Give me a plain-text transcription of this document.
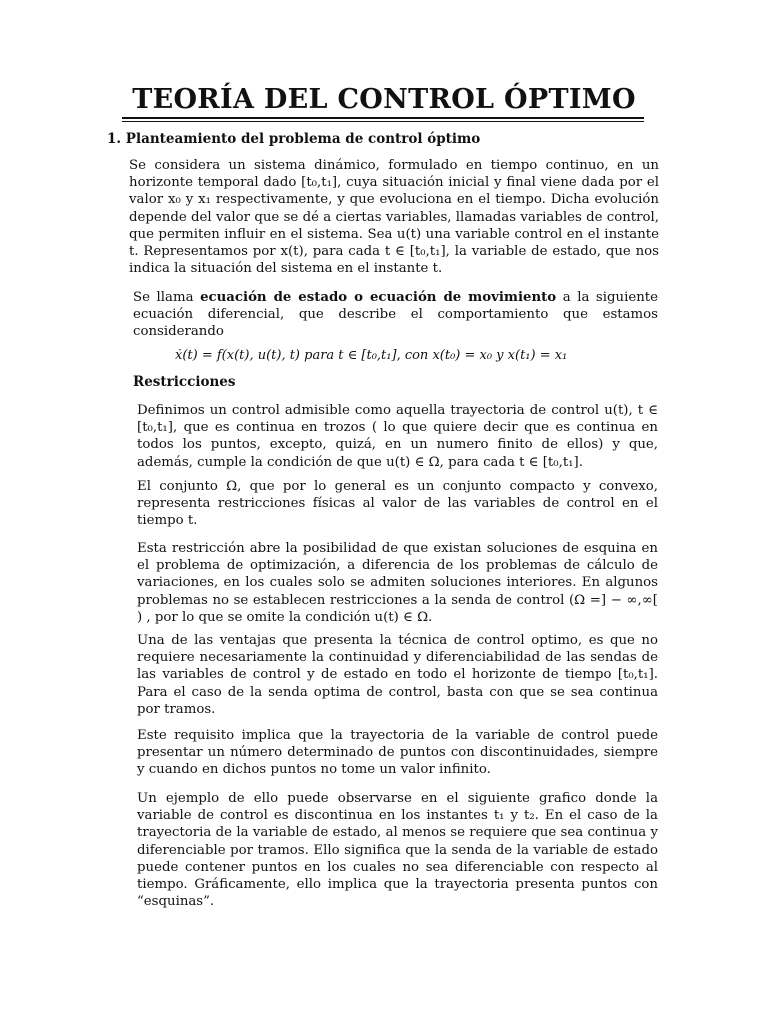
TEORÍA DEL CONTROL ÓPTIMO
1. Planteamiento del problema de control óptimo

Se considera un sistema dinámico, formulado en tiempo continuo, en un horizonte temporal dado [t₀,t₁], cuya situación inicial y final viene dada por el valor x₀ y x₁ respectivamente, y que evoluciona en el tiempo. Dicha evolución depende del valor que se dé a ciertas variables, llamadas variables de control, que permiten influir en el sistema. Sea u(t) una variable control en el instante t. Representamos por x(t), para cada t ∈ [t₀,t₁], la variable de estado, que nos indica la situación del sistema en el instante t.

Se llama ecuación de estado o ecuación de movimiento a la siguiente ecuación diferencial, que describe el comportamiento que estamos considerando

ẋ(t) = f(x(t), u(t), t) para t ∈ [t₀,t₁], con x(t₀) = x₀ y x(t₁) = x₁
Restricciones

Definimos un control admisible como aquella trayectoria de control u(t), t ∈ [t₀,t₁], que es continua en trozos ( lo que quiere decir que es continua en todos los puntos, excepto, quizá, en un numero finito de ellos) y que, además, cumple la condición de que u(t) ∈ Ω, para cada t ∈ [t₀,t₁].

El conjunto Ω, que por lo general es un conjunto compacto y convexo, representa restricciones físicas al valor de las variables de control en el tiempo t.

Esta restricción abre la posibilidad de que existan soluciones de esquina en el problema de optimización, a diferencia de los problemas de cálculo de variaciones, en los cuales solo se admiten soluciones interiores. En algunos problemas no se establecen restricciones a la senda de control (Ω =] − ∞,∞[ ) , por lo que se omite la condición u(t) ∈ Ω.

Una de las ventajas que presenta la técnica de control optimo, es que no requiere necesariamente la continuidad y diferenciabilidad de las sendas de las variables de control y de estado en todo el horizonte de tiempo [t₀,t₁]. Para el caso de la senda optima de control, basta con que se sea continua por tramos.

Este requisito implica que la trayectoria de la variable de control puede presentar un número determinado de puntos con discontinuidades, siempre y cuando en dichos puntos no tome un valor infinito.

Un ejemplo de ello puede observarse en el siguiente grafico donde la variable de control es discontinua en los instantes t₁ y t₂. En el caso de la trayectoria de la variable de estado, al menos se requiere que sea continua y diferenciable por tramos. Ello significa que la senda de la variable de estado puede contener puntos en los cuales no sea diferenciable con respecto al tiempo. Gráficamente, ello implica que la trayectoria presenta puntos con “esquinas”.
